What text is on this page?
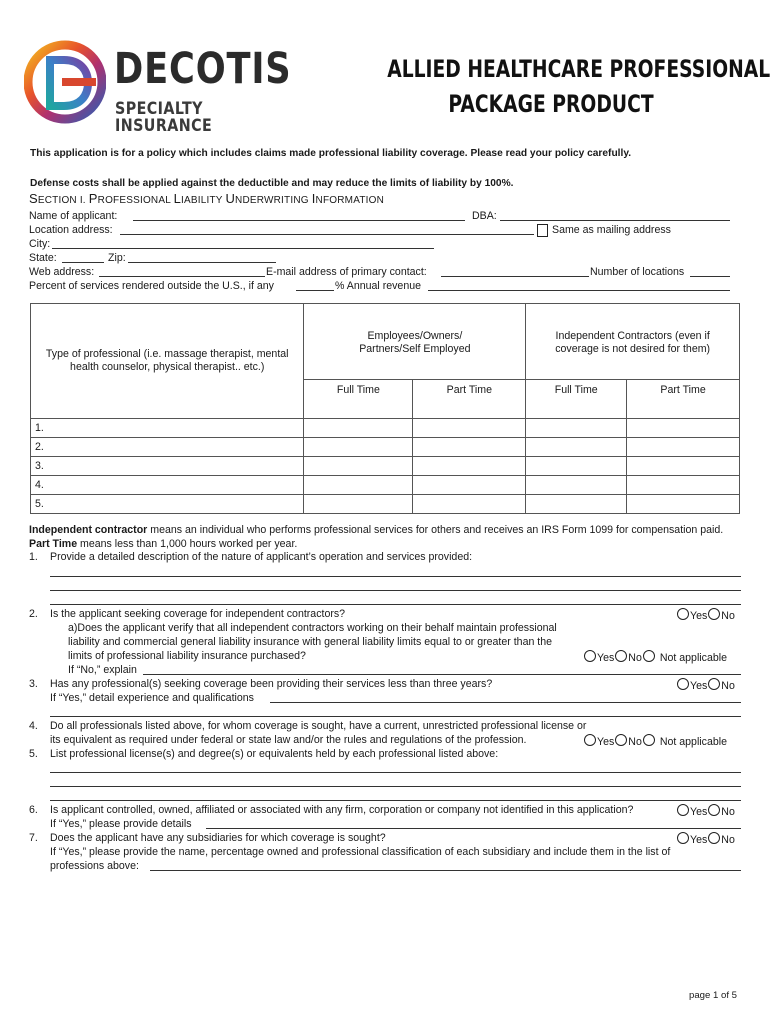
DECOTIS
SPECIALTY INSURANCE
ALLIED HEALTHCARE PROFESSIONAL
PACKAGE PRODUCT
This application is for a policy which includes claims made professional liability coverage. Please read your policy carefully.
Defense costs shall be applied against the deductible and may reduce the limits of liability by 100%.
SECTION I. PROFESSIONAL LIABILITY UNDERWRITING INFORMATION
Name of applicant:	DBA:
Location address:	Same as mailing address
City:
State:	Zip:
Web address:	E-mail address of primary contact:	Number of locations
Percent of services rendered outside the U.S., if any	% Annual revenue
Type of professional (i.e. massage therapist, mental health counselor, physical therapist.. etc.)	Employees/Owners/ Partners/Self Employed		Independent Contractors (even if coverage is not desired for them)	
	Full Time	Part Time	Full Time	Part Time
1.				
2.				
3.				
4.				
5.				
Independent contractor means an individual who performs professional services for others and receives an IRS Form 1099 for compensation paid.
Part Time means less than 1,000 hours worked per year.
1. Provide a detailed description of the nature of applicant’s operation and services provided:
2. Is the applicant seeking coverage for independent contractors?	Yes No
a)Does the applicant verify that all independent contractors working on their behalf maintain professional
liability and commercial general liability insurance with general liability limits equal to or greater than the
limits of professional liability insurance purchased?	Yes No Not applicable
If “No,” explain
3. Has any professional(s) seeking coverage been providing their services less than three years?	Yes No
If “Yes,” detail experience and qualifications
4. Do all professionals listed above, for whom coverage is sought, have a current, unrestricted professional license or
its equivalent as required under federal or state law and/or the rules and regulations of the profession.	Yes No Not applicable
5. List professional license(s) and degree(s) or equivalents held by each professional listed above:
6. Is applicant controlled, owned, affiliated or associated with any firm, corporation or company not identified in this application?	Yes No
If “Yes,” please provide details
7. Does the applicant have any subsidiaries for which coverage is sought?	Yes No
If “Yes,” please provide the name, percentage owned and professional classification of each subsidiary and include them in the list of
professions above:
page 1 of 5
